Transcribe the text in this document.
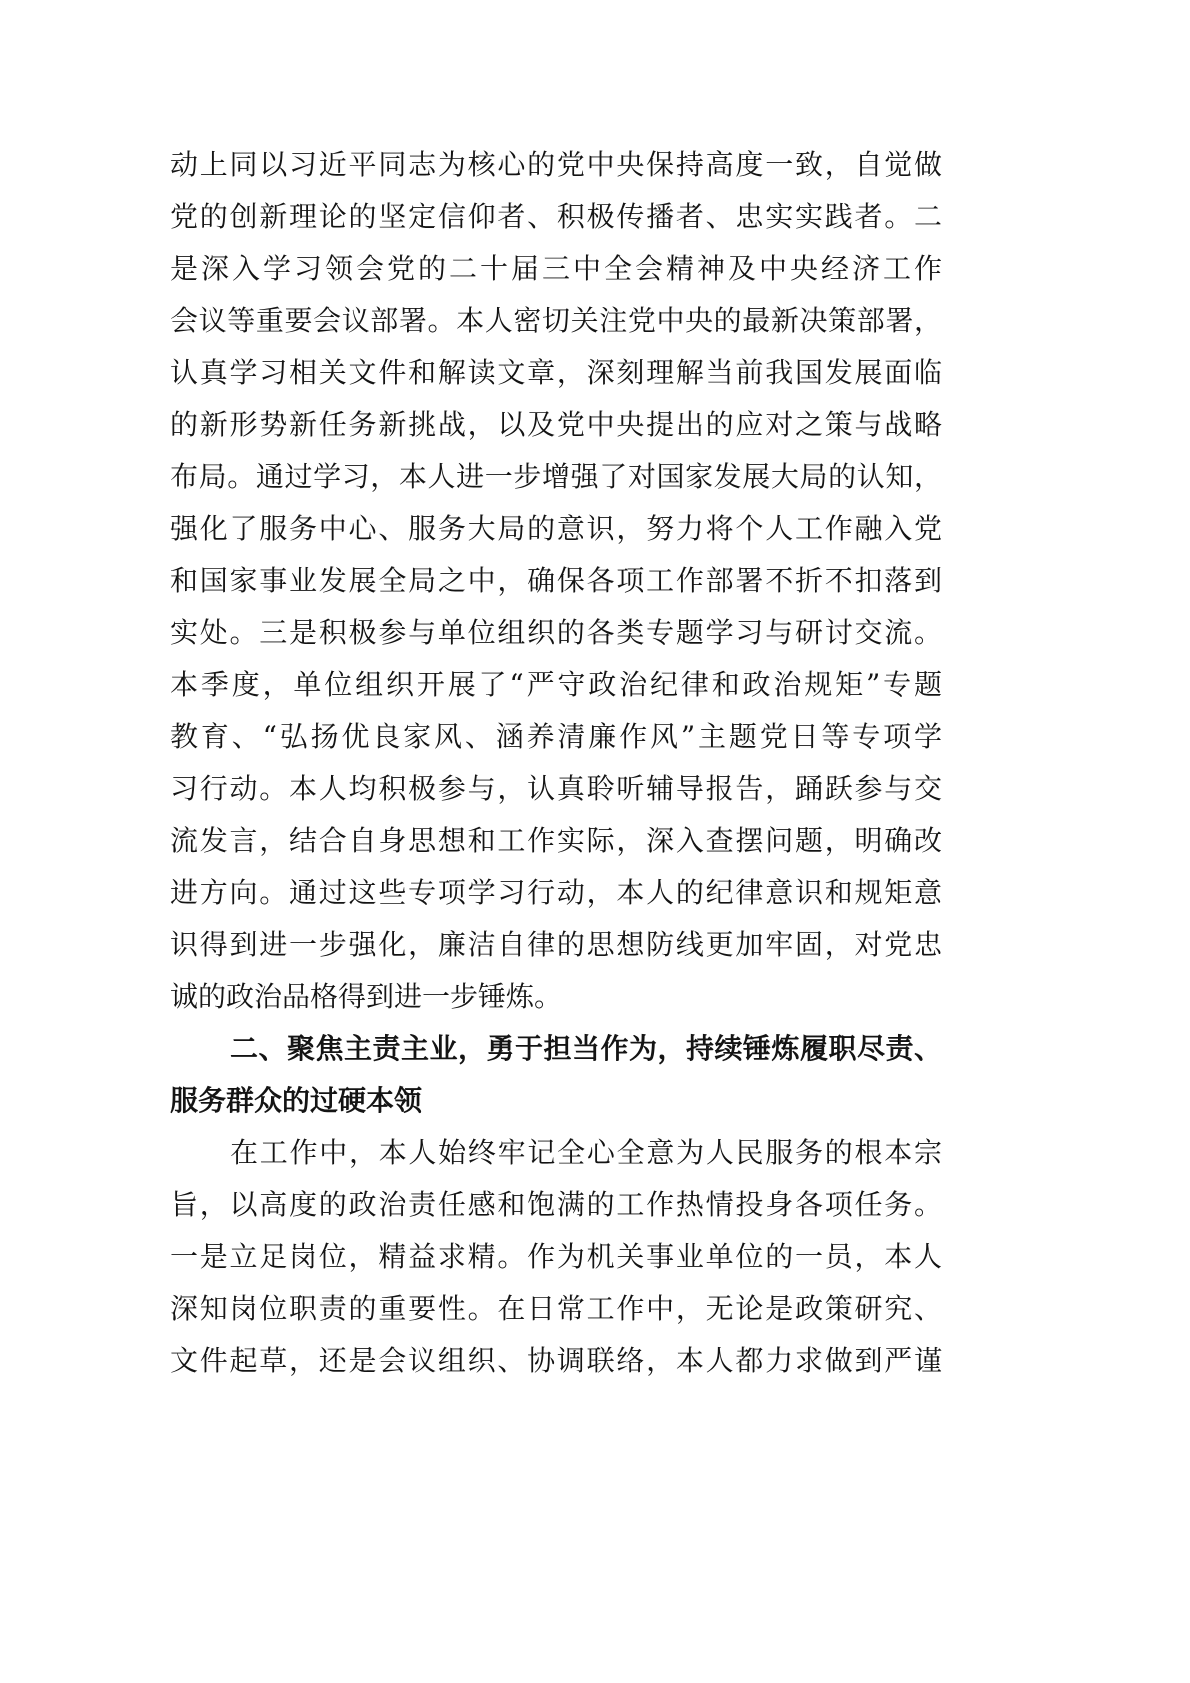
动上同以习近平同志为核心的党中央保持高度一致，自觉做
党的创新理论的坚定信仰者、积极传播者、忠实实践者。二
是深入学习领会党的二十届三中全会精神及中央经济工作
会议等重要会议部署。本人密切关注党中央的最新决策部署，
认真学习相关文件和解读文章，深刻理解当前我国发展面临
的新形势新任务新挑战，以及党中央提出的应对之策与战略
布局。通过学习，本人进一步增强了对国家发展大局的认知，
强化了服务中心、服务大局的意识，努力将个人工作融入党
和国家事业发展全局之中，确保各项工作部署不折不扣落到
实处。三是积极参与单位组织的各类专题学习与研讨交流。
本季度，单位组织开展了“严守政治纪律和政治规矩”专题
教育、“弘扬优良家风、涵养清廉作风”主题党日等专项学
习行动。本人均积极参与，认真聆听辅导报告，踊跃参与交
流发言，结合自身思想和工作实际，深入查摆问题，明确改
进方向。通过这些专项学习行动，本人的纪律意识和规矩意
识得到进一步强化，廉洁自律的思想防线更加牢固，对党忠
诚的政治品格得到进一步锤炼。
二、聚焦主责主业，勇于担当作为，持续锤炼履职尽责、
服务群众的过硬本领
在工作中，本人始终牢记全心全意为人民服务的根本宗
旨，以高度的政治责任感和饱满的工作热情投身各项任务。
一是立足岗位，精益求精。作为机关事业单位的一员，本人
深知岗位职责的重要性。在日常工作中，无论是政策研究、
文件起草，还是会议组织、协调联络，本人都力求做到严谨
